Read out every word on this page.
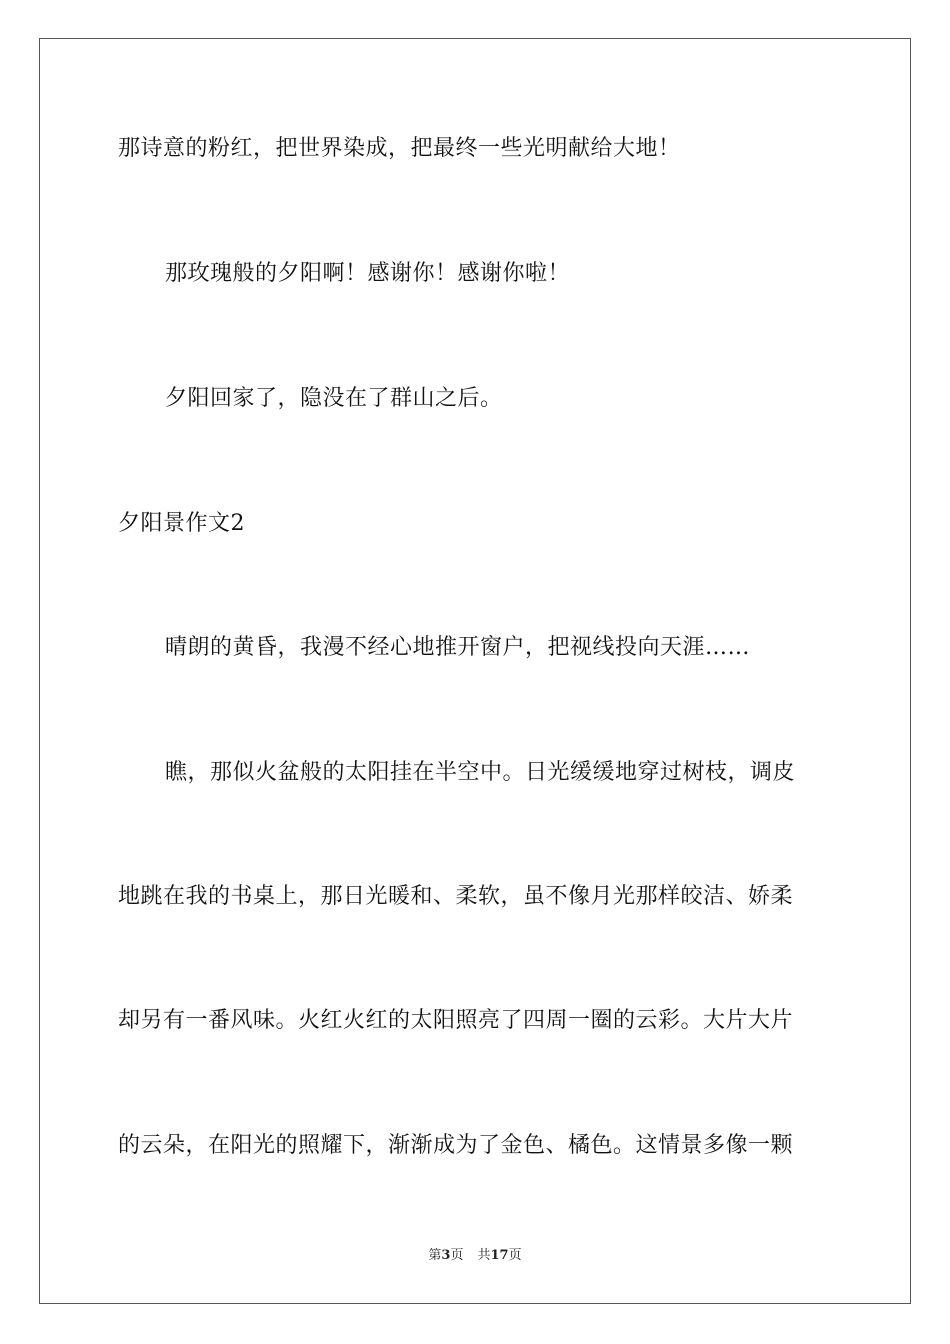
那诗意的粉红，把世界染成，把最终一些光明献给大地！
那玫瑰般的夕阳啊！感谢你！感谢你啦！
夕阳回家了，隐没在了群山之后。
夕阳景作文2
晴朗的黄昏，我漫不经心地推开窗户，把视线投向天涯……
瞧，那似火盆般的太阳挂在半空中。日光缓缓地穿过树枝，调皮
地跳在我的书桌上，那日光暖和、柔软，虽不像月光那样皎洁、娇柔
却另有一番风味。火红火红的太阳照亮了四周一圈的云彩。大片大片
的云朵，在阳光的照耀下，渐渐成为了金色、橘色。这情景多像一颗
第3页 共17页
